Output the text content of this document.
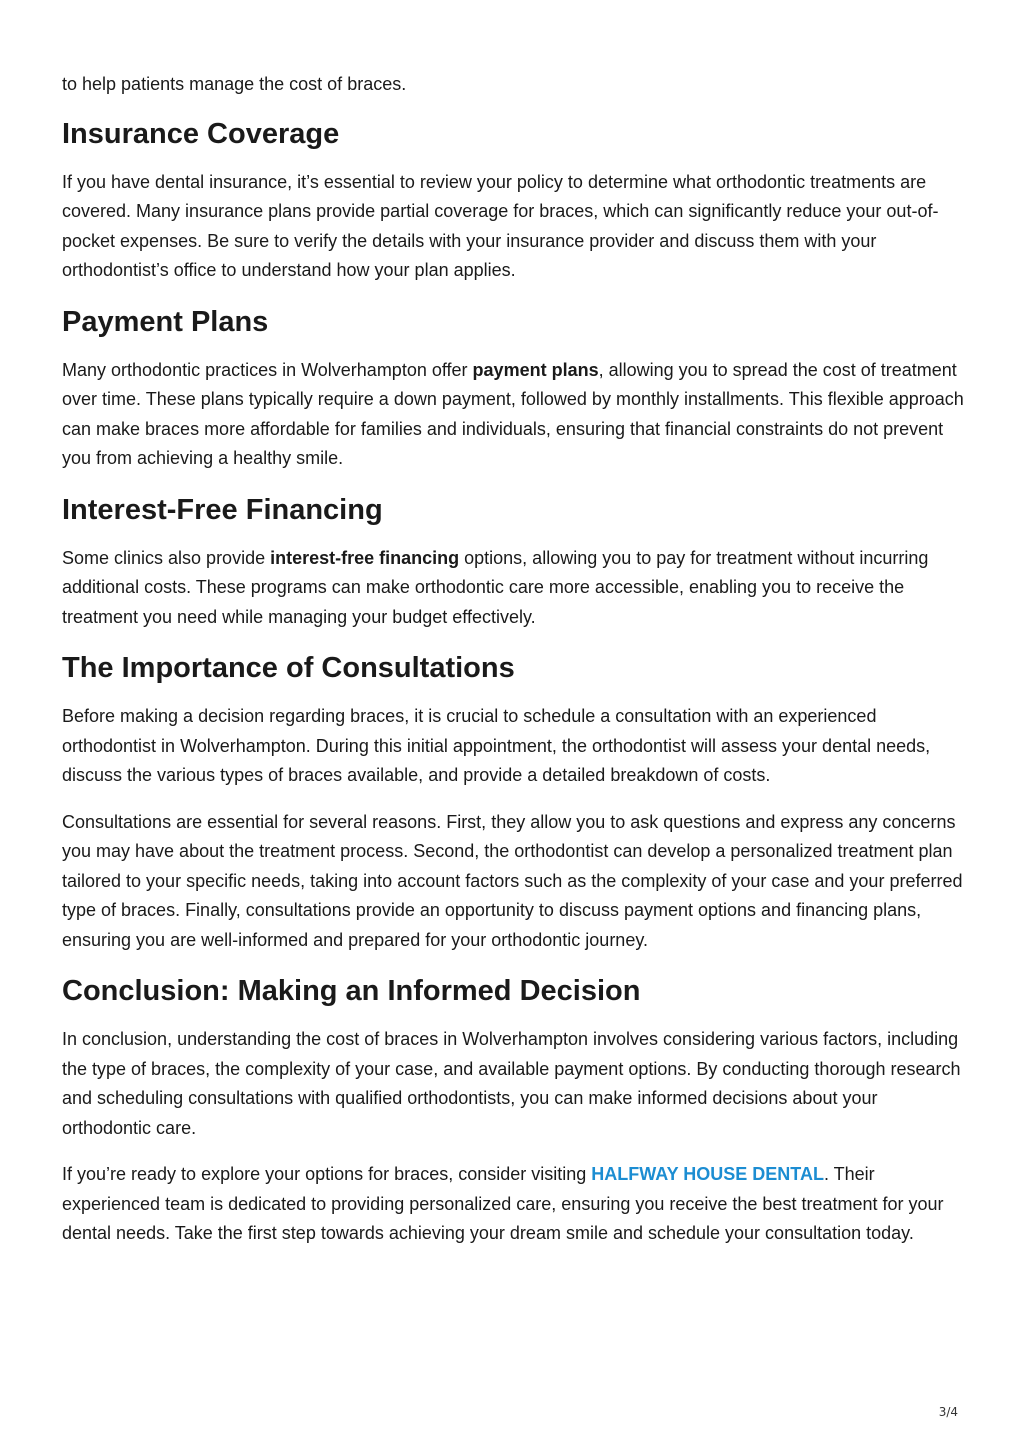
to help patients manage the cost of braces.

Insurance Coverage

If you have dental insurance, it’s essential to review your policy to determine what orthodontic treatments are covered. Many insurance plans provide partial coverage for braces, which can significantly reduce your out-of-pocket expenses. Be sure to verify the details with your insurance provider and discuss them with your orthodontist’s office to understand how your plan applies.

Payment Plans

Many orthodontic practices in Wolverhampton offer payment plans, allowing you to spread the cost of treatment over time. These plans typically require a down payment, followed by monthly installments. This flexible approach can make braces more affordable for families and individuals, ensuring that financial constraints do not prevent you from achieving a healthy smile.

Interest-Free Financing

Some clinics also provide interest-free financing options, allowing you to pay for treatment without incurring additional costs. These programs can make orthodontic care more accessible, enabling you to receive the treatment you need while managing your budget effectively.

The Importance of Consultations

Before making a decision regarding braces, it is crucial to schedule a consultation with an experienced orthodontist in Wolverhampton. During this initial appointment, the orthodontist will assess your dental needs, discuss the various types of braces available, and provide a detailed breakdown of costs.

Consultations are essential for several reasons. First, they allow you to ask questions and express any concerns you may have about the treatment process. Second, the orthodontist can develop a personalized treatment plan tailored to your specific needs, taking into account factors such as the complexity of your case and your preferred type of braces. Finally, consultations provide an opportunity to discuss payment options and financing plans, ensuring you are well-informed and prepared for your orthodontic journey.

Conclusion: Making an Informed Decision

In conclusion, understanding the cost of braces in Wolverhampton involves considering various factors, including the type of braces, the complexity of your case, and available payment options. By conducting thorough research and scheduling consultations with qualified orthodontists, you can make informed decisions about your orthodontic care.

If you’re ready to explore your options for braces, consider visiting HALFWAY HOUSE DENTAL. Their experienced team is dedicated to providing personalized care, ensuring you receive the best treatment for your dental needs. Take the first step towards achieving your dream smile and schedule your consultation today.

3/4
